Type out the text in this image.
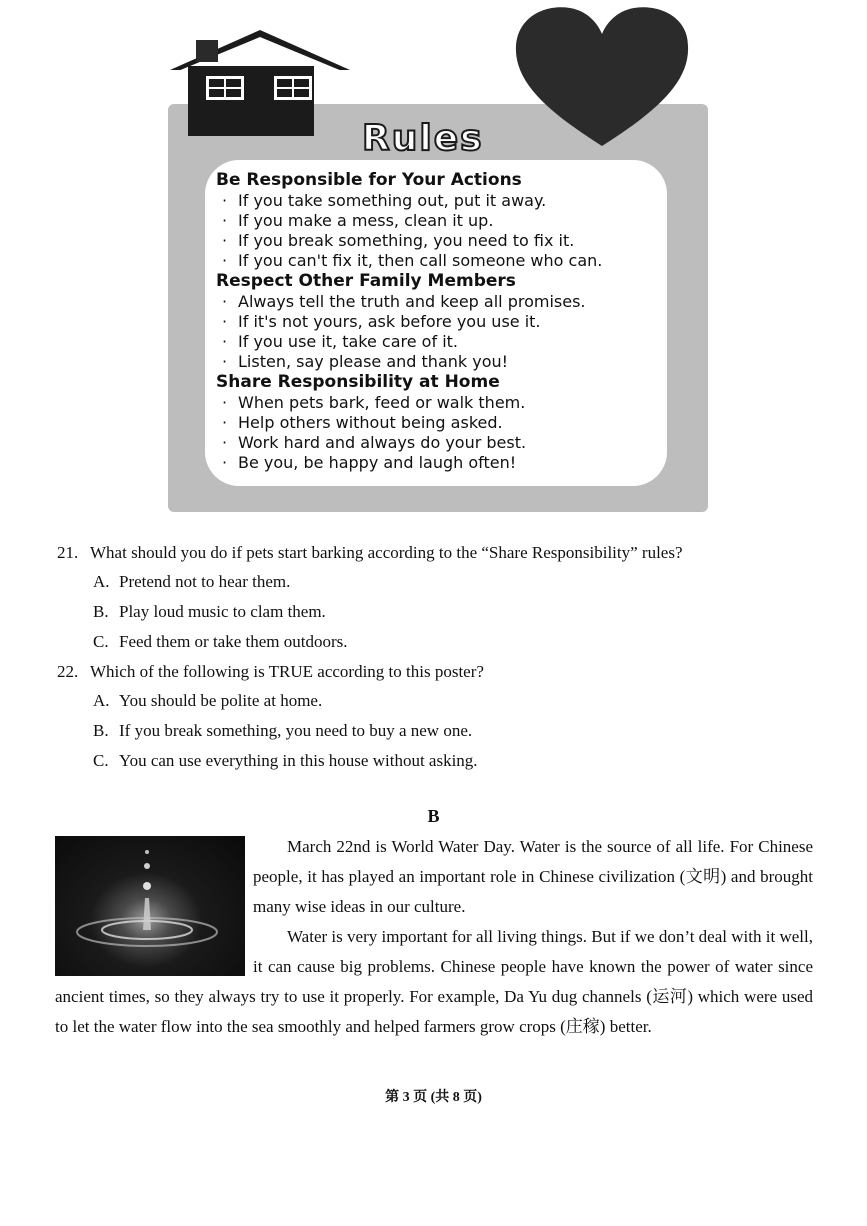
Rules

Be Responsible for Your Actions

· If you take something out, put it away.

· If you make a mess, clean it up.

· If you break something, you need to fix it.

· If you can't fix it, then call someone who can.

Respect Other Family Members

· Always tell the truth and keep all promises.

· If it's not yours, ask before you use it.

· If you use it, take care of it.

· Listen, say please and thank you!

Share Responsibility at Home

· When pets bark, feed or walk them.

· Help others without being asked.

· Work hard and always do your best.

· Be you, be happy and laugh often!

21. What should you do if pets start barking according to the “Share Responsibility” rules?

A. Pretend not to hear them.

B. Play loud music to clam them.

C. Feed them or take them outdoors.

22. Which of the following is TRUE according to this poster?

A. You should be polite at home.

B. If you break something, you need to buy a new one.

C. You can use everything in this house without asking.

B

March 22nd is World Water Day. Water is the source of all life. For Chinese people, it has played an important role in Chinese civilization (文明) and brought many wise ideas in our culture.

Water is very important for all living things. But if we don’t deal with it well, it can cause big problems. Chinese people have known the power of water since ancient times, so they always try to use it properly. For example, Da Yu dug channels (运河) which were used to let the water flow into the sea smoothly and helped farmers grow crops (庄稼) better.

第 3 页 (共 8 页)
